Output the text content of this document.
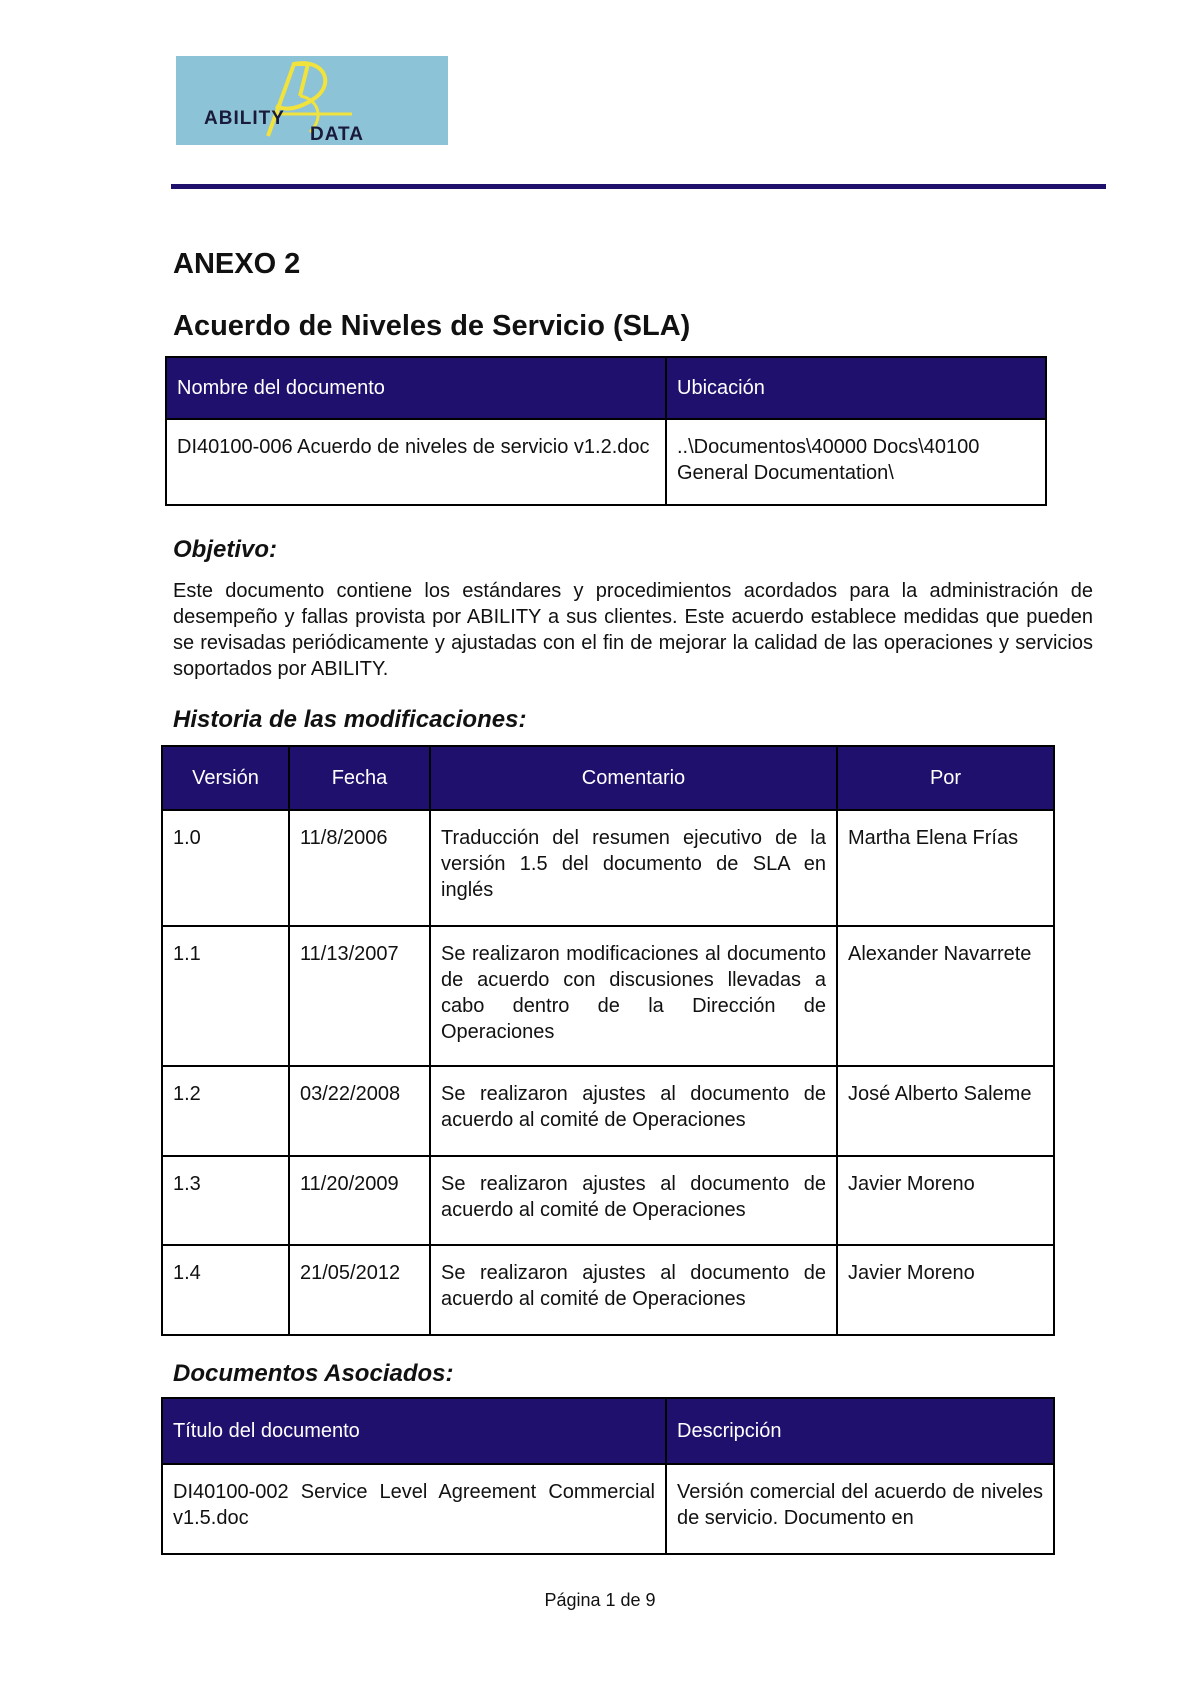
ABILITY
DATA
ANEXO 2
Acuerdo de Niveles de Servicio (SLA)
Nombre del documento	Ubicación
DI40100-006 Acuerdo de niveles de servicio v1.2.doc	..\Documentos\40000 Docs\40100 General Documentation\
Objetivo:
Este documento contiene los estándares y procedimientos acordados para la administración de desempeño y fallas provista por ABILITY a sus clientes. Este acuerdo establece medidas que pueden se revisadas periódicamente y ajustadas con el fin de mejorar la calidad de las operaciones y servicios soportados por ABILITY.
Historia de las modificaciones:
Versión	Fecha	Comentario	Por
1.0	11/8/2006	Traducción del resumen ejecutivo de la versión 1.5 del documento de SLA en inglés	Martha Elena Frías
1.1	11/13/2007	Se realizaron modificaciones al documento de acuerdo con discusiones llevadas a cabo dentro de la Dirección de Operaciones	Alexander Navarrete
1.2	03/22/2008	Se realizaron ajustes al documento de acuerdo al comité de Operaciones	José Alberto Saleme
1.3	11/20/2009	Se realizaron ajustes al documento de acuerdo al comité de Operaciones	Javier Moreno
1.4	21/05/2012	Se realizaron ajustes al documento de acuerdo al comité de Operaciones	Javier Moreno
Documentos Asociados:
Título del documento	Descripción
DI40100-002 Service Level Agreement Commercial v1.5.doc	Versión comercial del acuerdo de niveles de servicio. Documento en
Página 1 de 9
